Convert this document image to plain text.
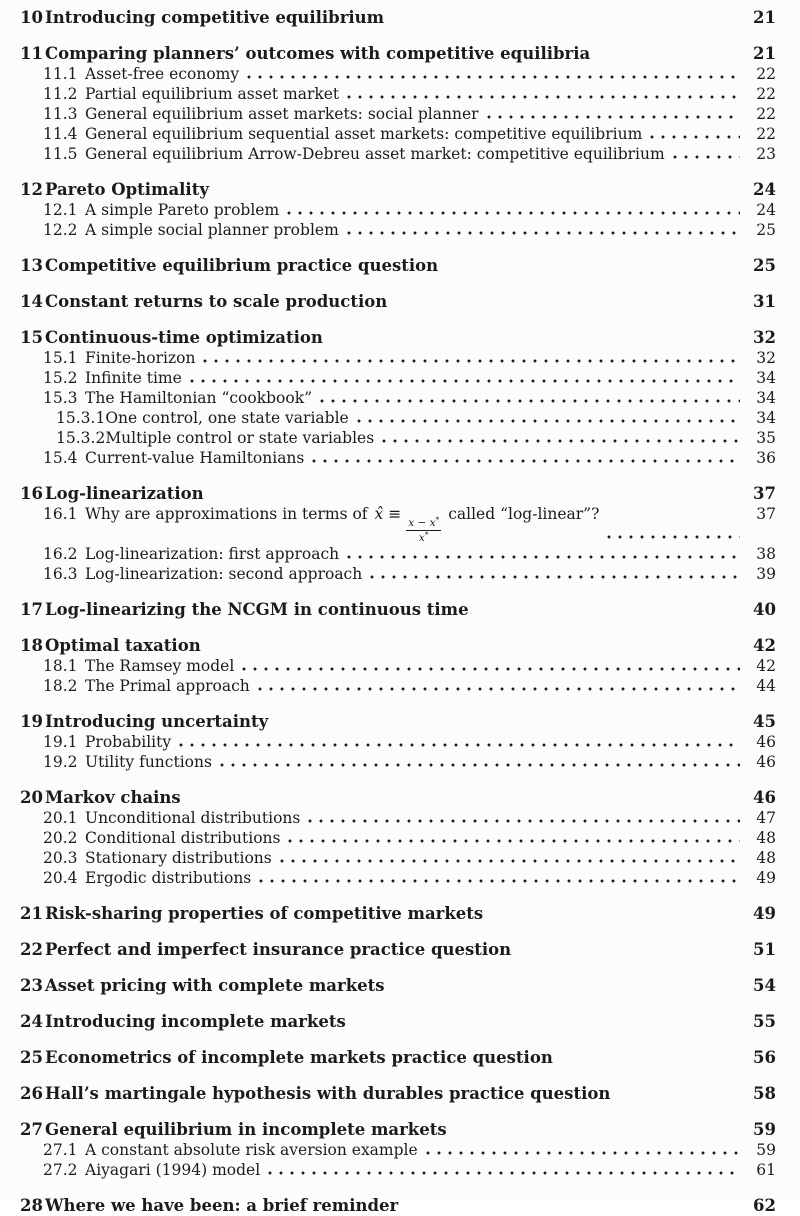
10 Introducing competitive equilibrium	21
11 Comparing planners’ outcomes with competitive equilibria	21
11.1 Asset-free economy	22
11.2 Partial equilibrium asset market	22
11.3 General equilibrium asset markets: social planner	22
11.4 General equilibrium sequential asset markets: competitive equilibrium	22
11.5 General equilibrium Arrow-Debreu asset market: competitive equilibrium	23
12 Pareto Optimality	24
12.1 A simple Pareto problem	24
12.2 A simple social planner problem	25
13 Competitive equilibrium practice question	25
14 Constant returns to scale production	31
15 Continuous-time optimization	32
15.1 Finite-horizon	32
15.2 Infinite time	34
15.3 The Hamiltonian “cookbook”	34
15.3.1 One control, one state variable	34
15.3.2 Multiple control or state variables	35
15.4 Current-value Hamiltonians	36
16 Log-linearization	37
16.1 Why are approximations in terms of x̂ ≡
$\frac{x - x^*}{x^*}$
called “log-linear”?	37
16.2 Log-linearization: first approach	38
16.3 Log-linearization: second approach	39
17 Log-linearizing the NCGM in continuous time	40
18 Optimal taxation	42
18.1 The Ramsey model	42
18.2 The Primal approach	44
19 Introducing uncertainty	45
19.1 Probability	46
19.2 Utility functions	46
20 Markov chains	46
20.1 Unconditional distributions	47
20.2 Conditional distributions	48
20.3 Stationary distributions	48
20.4 Ergodic distributions	49
21 Risk-sharing properties of competitive markets	49
22 Perfect and imperfect insurance practice question	51
23 Asset pricing with complete markets	54
24 Introducing incomplete markets	55
25 Econometrics of incomplete markets practice question	56
26 Hall’s martingale hypothesis with durables practice question	58
27 General equilibrium in incomplete markets	59
27.1 A constant absolute risk aversion example	59
27.2 Aiyagari (1994) model	61
28 Where we have been: a brief reminder	62
